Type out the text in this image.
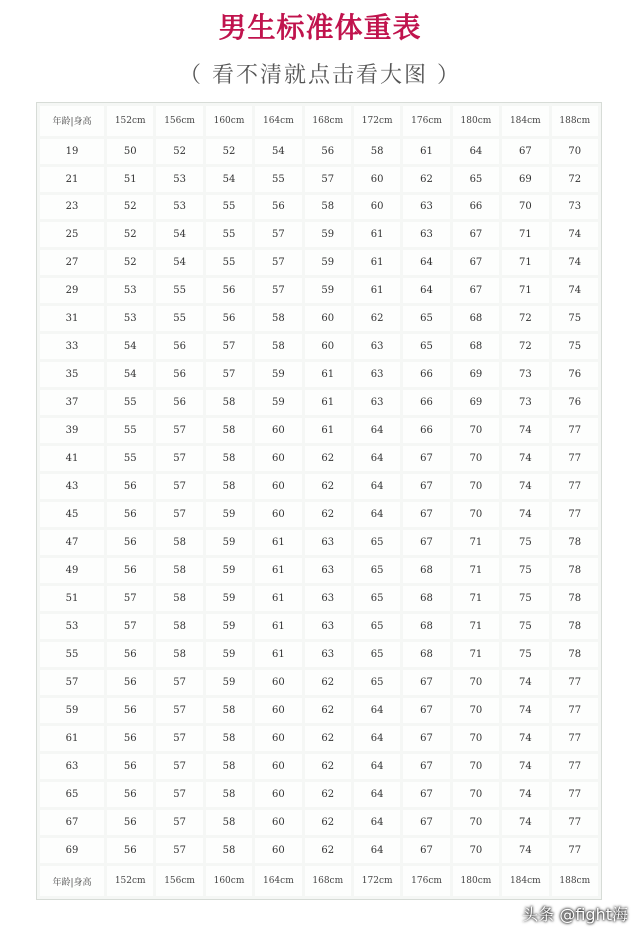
男生标准体重表
（ 看不清就点击看大图 ）
年龄|身高	152cm	156cm	160cm	164cm	168cm	172cm	176cm	180cm	184cm	188cm
19	50	52	52	54	56	58	61	64	67	70
21	51	53	54	55	57	60	62	65	69	72
23	52	53	55	56	58	60	63	66	70	73
25	52	54	55	57	59	61	63	67	71	74
27	52	54	55	57	59	61	64	67	71	74
29	53	55	56	57	59	61	64	67	71	74
31	53	55	56	58	60	62	65	68	72	75
33	54	56	57	58	60	63	65	68	72	75
35	54	56	57	59	61	63	66	69	73	76
37	55	56	58	59	61	63	66	69	73	76
39	55	57	58	60	61	64	66	70	74	77
41	55	57	58	60	62	64	67	70	74	77
43	56	57	58	60	62	64	67	70	74	77
45	56	57	59	60	62	64	67	70	74	77
47	56	58	59	61	63	65	67	71	75	78
49	56	58	59	61	63	65	68	71	75	78
51	57	58	59	61	63	65	68	71	75	78
53	57	58	59	61	63	65	68	71	75	78
55	56	58	59	61	63	65	68	71	75	78
57	56	57	59	60	62	65	67	70	74	77
59	56	57	58	60	62	64	67	70	74	77
61	56	57	58	60	62	64	67	70	74	77
63	56	57	58	60	62	64	67	70	74	77
65	56	57	58	60	62	64	67	70	74	77
67	56	57	58	60	62	64	67	70	74	77
69	56	57	58	60	62	64	67	70	74	77
年龄|身高	152cm	156cm	160cm	164cm	168cm	172cm	176cm	180cm	184cm	188cm
头条 @fight海
